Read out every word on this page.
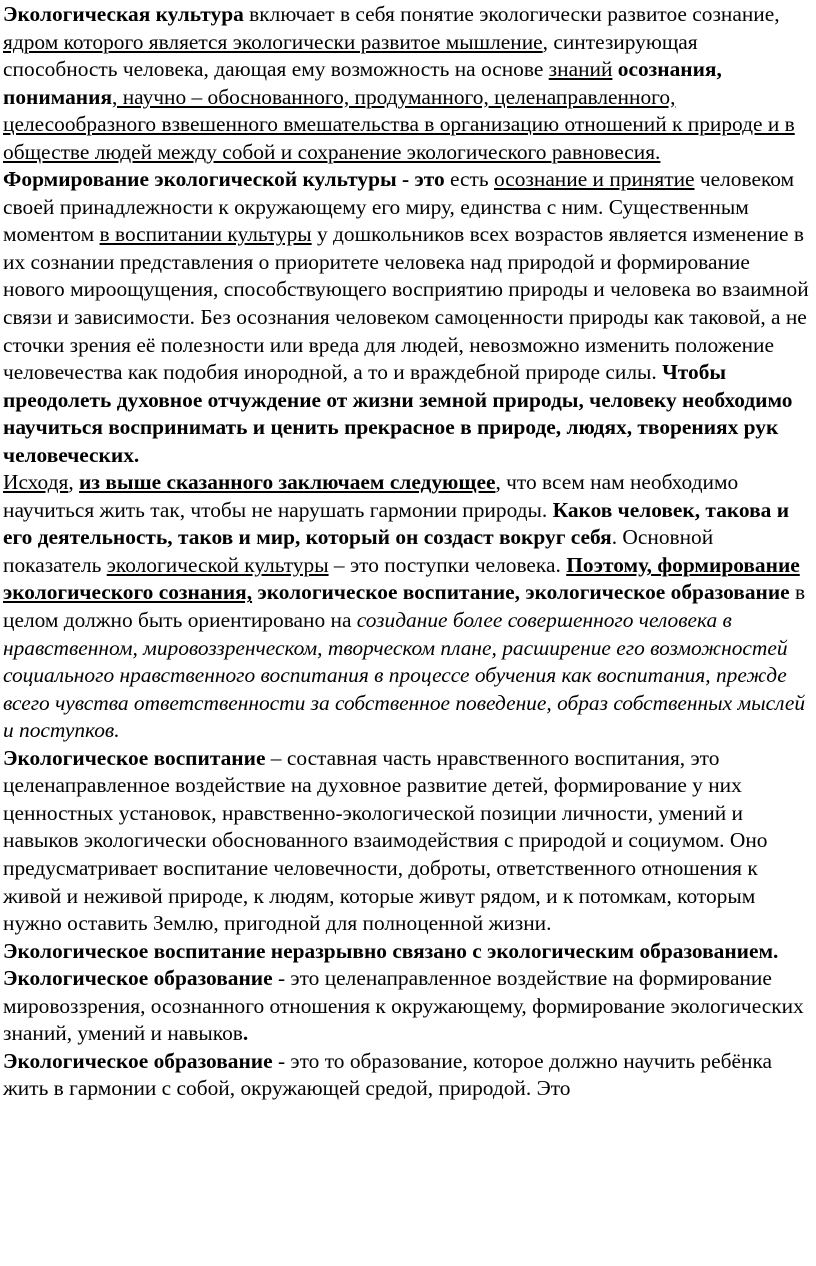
Экологическая культура включает в себя понятие экологически развитое сознание, ядром которого является экологически развитое мышление, синтезирующая способность человека, дающая ему возможность на основе знаний осознания, понимания, научно – обоснованного, продуманного, целенаправленного, целесообразного взвешенного вмешательства в организацию отношений к природе и в обществе людей между собой и сохранение экологического равновесия.

Формирование экологической культуры - это есть осознание и принятие человеком своей принадлежности к окружающему его миру, единства с ним. Существенным моментом в воспитании культуры у дошкольников всех возрастов является изменение в их сознании представления о приоритете человека над природой и формирование нового мироощущения, способствующего восприятию природы и человека во взаимной связи и зависимости. Без осознания человеком самоценности природы как таковой, а не сточки зрения её полезности или вреда для людей, невозможно изменить положение человечества как подобия инородной, а то и враждебной природе силы. Чтобы преодолеть духовное отчуждение от жизни земной природы, человеку необходимо научиться воспринимать и ценить прекрасное в природе, людях, творениях рук человеческих.

Исходя, из выше сказанного заключаем следующее, что всем нам необходимо научиться жить так, чтобы не нарушать гармонии природы. Каков человек, такова и его деятельность, таков и мир, который он создаст вокруг себя. Основной показатель экологической культуры – это поступки человека. Поэтому, формирование экологического сознания, экологическое воспитание, экологическое образование в целом должно быть ориентировано на созидание более совершенного человека в нравственном, мировоззренческом, творческом плане, расширение его возможностей социального нравственного воспитания в процессе обучения как воспитания, прежде всего чувства ответственности за собственное поведение, образ собственных мыслей и поступков.

Экологическое воспитание – составная часть нравственного воспитания, это целенаправленное воздействие на духовное развитие детей, формирование у них ценностных установок, нравственно-экологической позиции личности, умений и навыков экологически обоснованного взаимодействия с природой и социумом. Оно предусматривает воспитание человечности, доброты, ответственного отношения к живой и неживой природе, к людям, которые живут рядом, и к потомкам, которым нужно оставить Землю, пригодной для полноценной жизни.

Экологическое воспитание неразрывно связано с экологическим образованием.

Экологическое образование - это целенаправленное воздействие на формирование мировоззрения, осознанного отношения к окружающему, формирование экологических знаний, умений и навыков.

Экологическое образование - это то образование, которое должно научить ребёнка жить в гармонии с собой, окружающей средой, природой. Это
